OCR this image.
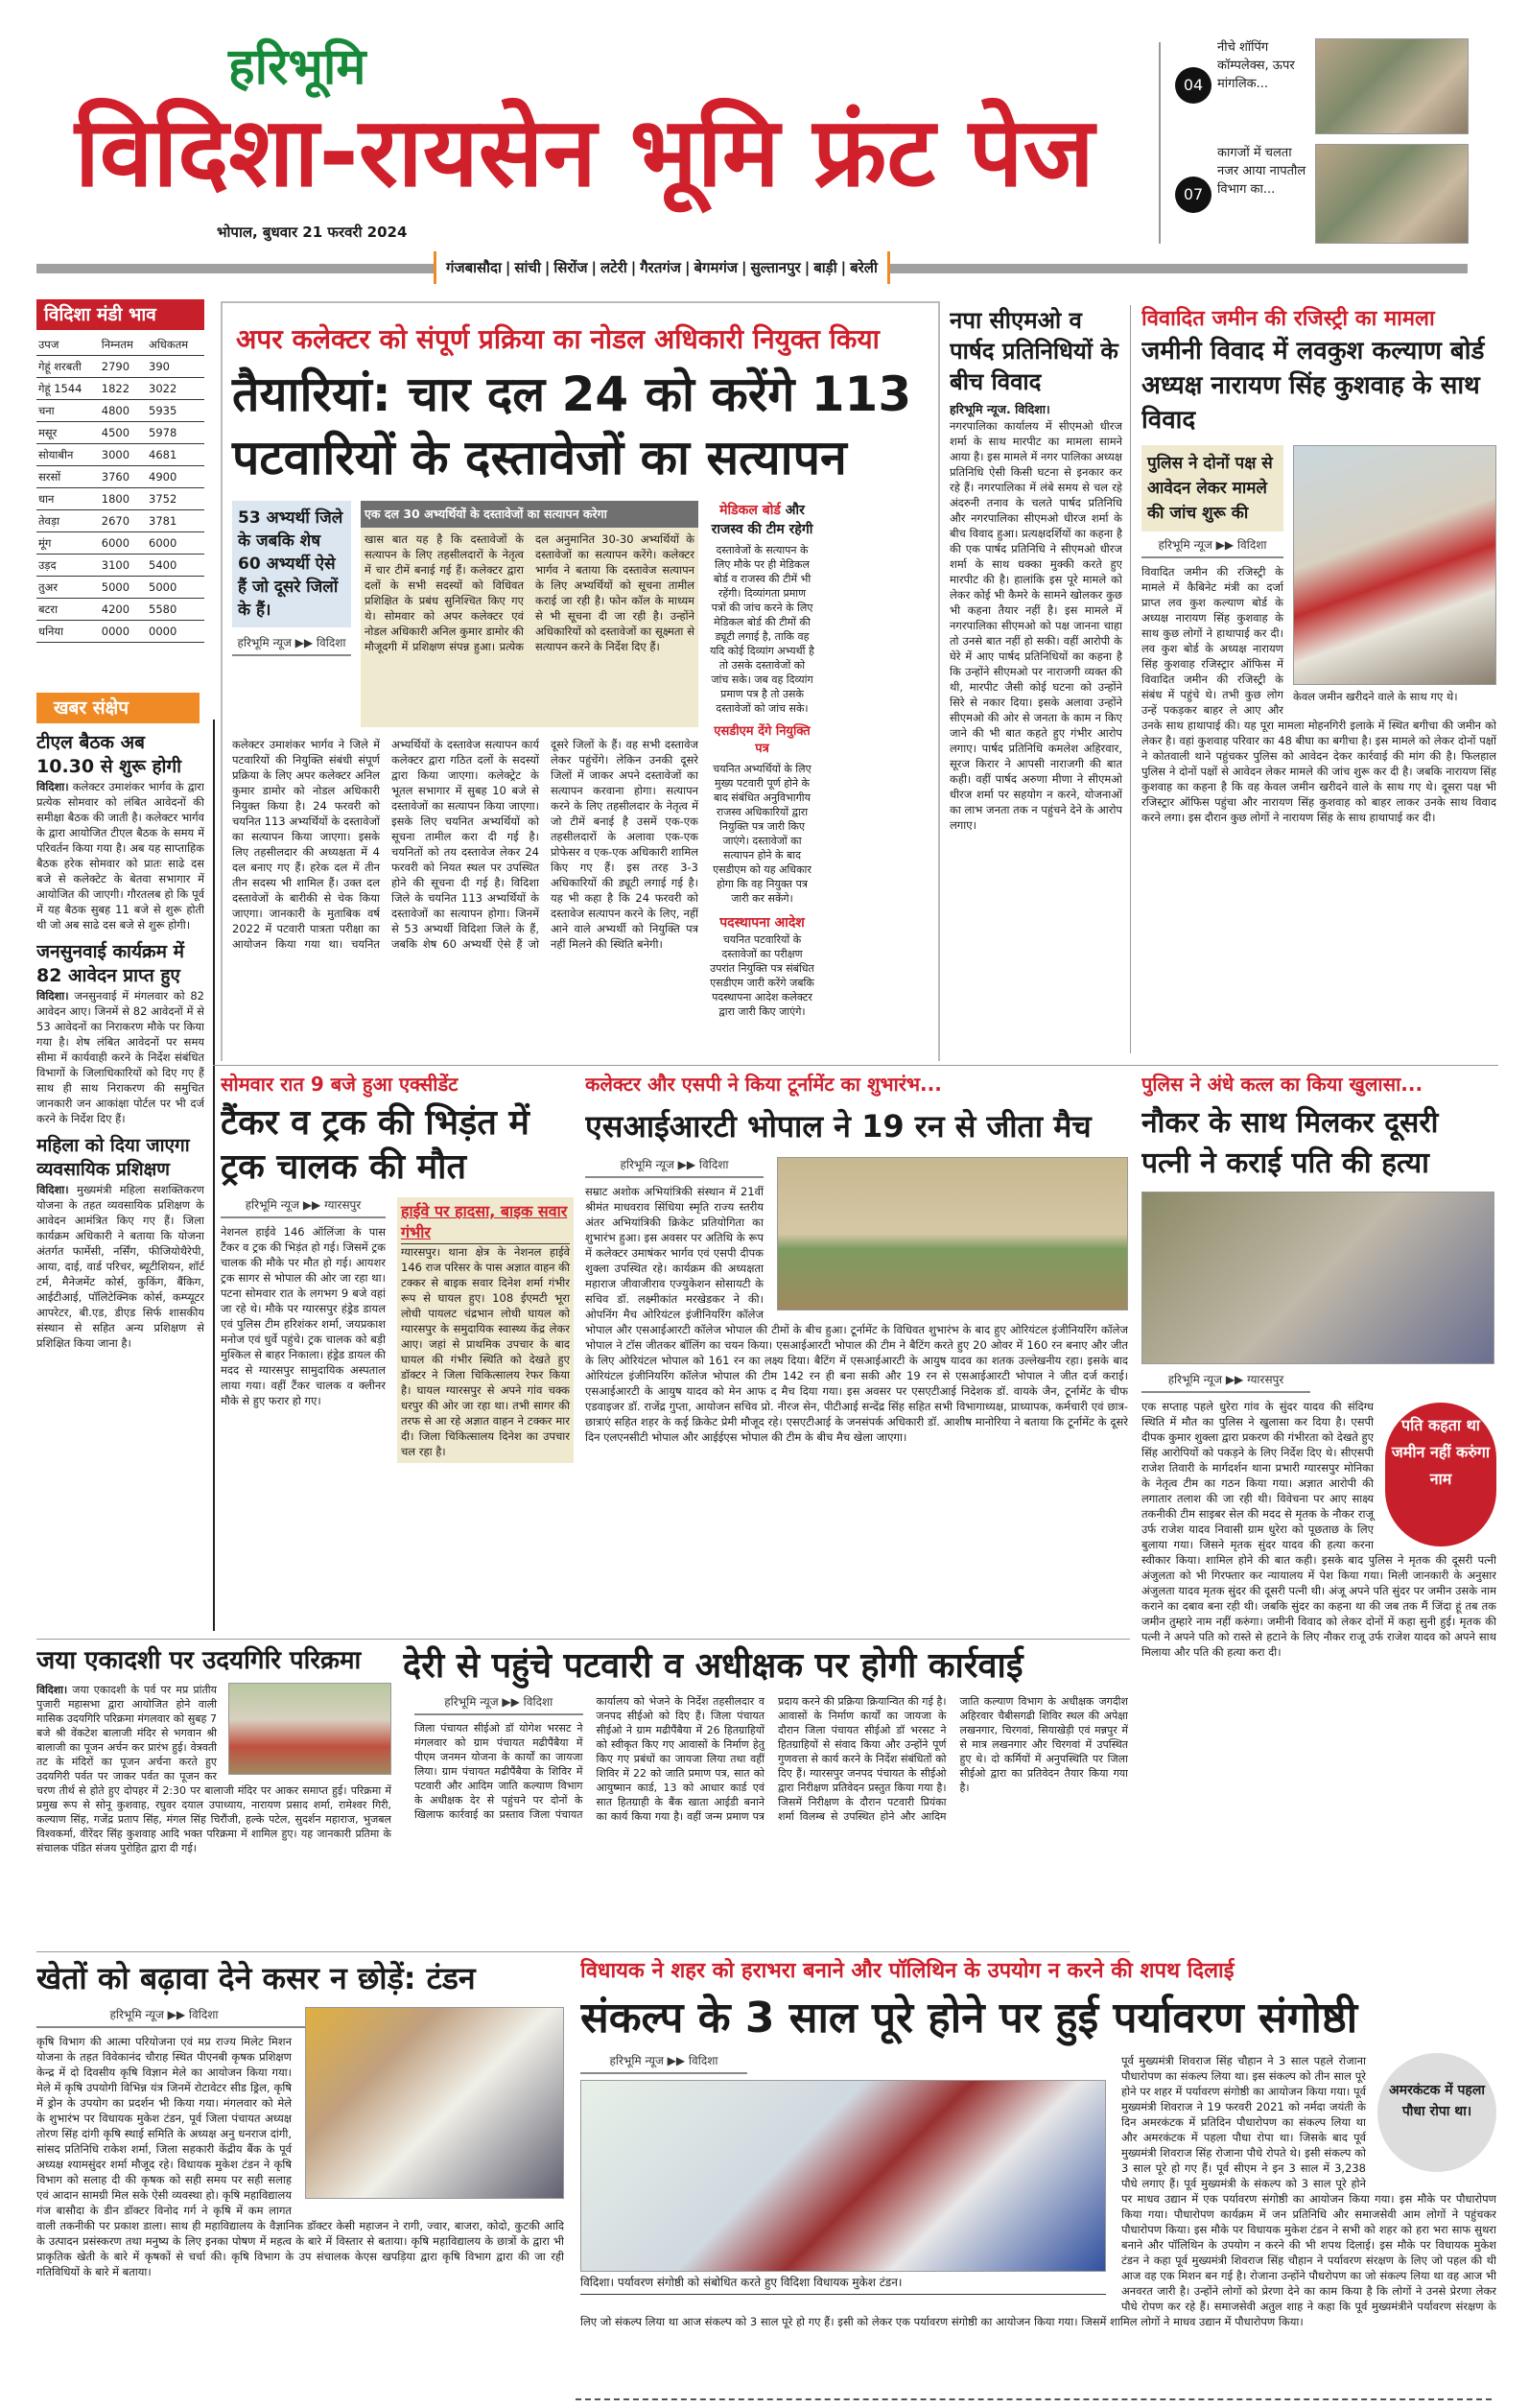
हरिभूमि
विदिशा-रायसेन भूमि फ्रंट पेज
भोपाल, बुधवार 21 फरवरी 2024
04
नीचे शॉपिंग कॉम्पलेक्स, ऊपर मांगलिक...
07
कागजों में चलता नजर आया नापतौल विभाग का...
गंजबासौदा | सांची | सिरोंज | लटेरी | गैरतगंज | बेगमगंज | सुल्तानपुर | बाड़ी | बरेली
विदिशा मंडी भाव
उपज	निम्नतम	अधिकतम
गेहूं शरबती	2790	390
गेहूं 1544	1822	3022
चना	4800	5935
मसूर	4500	5978
सोयाबीन	3000	4681
सरसों	3760	4900
धान	1800	3752
तेवड़ा	2670	3781
मूंग	6000	6000
उड़द	3100	5400
तुअर	5000	5000
बटरा	4200	5580
धनिया	0000	0000
खबर संक्षेप
टीएल बैठक अब 10.30 से शुरू होगी
विदिशा। कलेक्टर उमाशंकर भार्गव के द्वारा प्रत्येक सोमवार को लंबित आवेदनों की समीक्षा बैठक की जाती है। कलेक्टर भार्गव के द्वारा आयोजित टीएल बैठक के समय में परिवर्तन किया गया है। अब यह साप्ताहिक बैठक हरेक सोमवार को प्रातः साढे दस बजे से कलेक्टेट के बेतवा सभागार में आयोजित की जाएगी। गौरतलब हो कि पूर्व में यह बैठक सुबह 11 बजे से शुरू होती थी जो अब साढे दस बजे से शुरू होगी।
जनसुनवाई कार्यक्रम में 82 आवेदन प्राप्त हुए
विदिशा। जनसुनवाई में मंगलवार को 82 आवेदन आए। जिनमें से 82 आवेदनों में से 53 आवेदनों का निराकरण मौके पर किया गया है। शेष लंबित आवेदनों पर समय सीमा में कार्यवाही करने के निर्देश संबंधित विभागों के जिलाधिकारियों को दिए गए हैं साथ ही साथ निराकरण की समुचित जानकारी जन आकांक्षा पोर्टल पर भी दर्ज करने के निर्देश दिए हैं।
महिला को दिया जाएगा व्यवसायिक प्रशिक्षण
विदिशा। मुख्यमंत्री महिला सशक्तिकरण योजना के तहत व्यवसायिक प्रशिक्षण के आवेदन आमंत्रित किए गए हैं। जिला कार्यक्रम अधिकारी ने बताया कि योजना अंतर्गत फार्मेसी, नर्सिंग, फीजियोथैरेपी, आया, दाई, वार्ड परिचर, ब्यूटीशियन, शॉर्ट टर्म, मैनेजमेंट कोर्स, कुकिंग, बैंकिग, आईटीआई, पॉलिटेक्निक कोर्स, कम्प्यूटर आपरेटर, बी.एड, डीएड सिर्फ शासकीय संस्थान से सहित अन्य प्रशिक्षण से प्रशिक्षित किया जाना है।
अपर कलेक्टर को संपूर्ण प्रक्रिया का नोडल अधिकारी नियुक्त किया
तैयारियां: चार दल 24 को करेंगे 113
पटवारियों के दस्तावेजों का सत्यापन
53 अभ्यर्थी जिले के जबकि शेष 60 अभ्यर्थी ऐसे हैं जो दूसरे जिलों के हैं।
हरिभूमि न्यूज ▶▶ विदिशा
एक दल 30 अभ्यर्थियों के दस्तावेजों का सत्यापन करेगा
खास बात यह है कि दस्तावेजों के सत्यापन के लिए तहसीलदारों के नेतृत्व में चार टीमें बनाई गई हैं। कलेक्टर द्वारा दलों के सभी सदस्यों को विधिवत प्रशिक्षित के प्रबंध सुनिश्चित किए गए थे। सोमवार को अपर कलेक्टर एवं नोडल अधिकारी अनिल कुमार डामोर की मौजूदगी में प्रशिक्षण संपन्न हुआ। प्रत्येक दल अनुमानित 30-30 अभ्यर्थियों के दस्तावेजों का सत्यापन करेंगे। कलेक्टर भार्गव ने बताया कि दस्तावेज सत्यापन के लिए अभ्यर्थियों को सूचना तामील कराई जा रही है। फोन कॉल के माध्यम से भी सूचना दी जा रही है। उन्होंने अधिकारियों को दस्तावेजों का सूक्ष्मता से सत्यापन करने के निर्देश दिए हैं।
मेडिकल बोर्ड और राजस्व की टीम रहेगी
दस्तावेजों के सत्यापन के लिए मौके पर ही मेडिकल बोर्ड व राजस्व की टीमें भी रहेंगी। दिव्यांगता प्रमाण पत्रों की जांच करने के लिए मेडिकल बोर्ड की टीमों की ड्यूटी लगाई है, ताकि वह यदि कोई दिव्यांग अभ्यर्थी है तो उसके दस्तावेजों को जांच सके। जब वह दिव्यांग प्रमाण पत्र है तो उसके दस्तावेजों को जांच सके।
एसडीएम देंगे नियुक्ति पत्र
चयनित अभ्यर्थियों के लिए मुख्य पटवारी पूर्ण होने के बाद संबंधित अनुविभागीय राजस्व अधिकारियों द्वारा नियुक्ति पत्र जारी किए जाएंगे। दस्तावेजों का सत्यापन होने के बाद एसडीएम को यह अधिकार होगा कि वह नियुक्त पत्र जारी कर सकेंगे।
पदस्थापना आदेश
चयनित पटवारियों के दस्तावेजों का परीक्षण उपरांत नियुक्ति पत्र संबंधित एसडीएम जारी करेंगे जबकि पदस्थापना आदेश कलेक्टर द्वारा जारी किए जाएंगे।
कलेक्टर उमाशंकर भार्गव ने जिले में पटवारियों की नियुक्ति संबंधी संपूर्ण प्रक्रिया के लिए अपर कलेक्टर अनिल कुमार डामोर को नोडल अधिकारी नियुक्त किया है। 24 फरवरी को चयनित 113 अभ्यर्थियों के दस्तावेजों का सत्यापन किया जाएगा। इसके लिए तहसीलदार की अध्यक्षता में 4 दल बनाए गए हैं। हरेक दल में तीन तीन सदस्य भी शामिल हैं। उक्त दल दस्तावेजों के बारीकी से चेक किया जाएगा। जानकारी के मुताबिक वर्ष 2022 में पटवारी पात्रता परीक्षा का आयोजन किया गया था। चयनित अभ्यर्थियों के दस्तावेज सत्यापन कार्य कलेक्टर द्वारा गठित दलों के सदस्यों द्वारा किया जाएगा। कलेक्ट्रेट के भूतल सभागार में सुबह 10 बजे से दस्तावेजों का सत्यापन किया जाएगा। इसके लिए चयनित अभ्यर्थियों को सूचना तामील करा दी गई है। चयनितों को तय दस्तावेज लेकर 24 फरवरी को नियत स्थल पर उपस्थित होने की सूचना दी गई है। विदिशा जिले के चयनित 113 अभ्यर्थियों के दस्तावेजों का सत्यापन होगा। जिनमें से 53 अभ्यर्थी विदिशा जिले के हैं, जबकि शेष 60 अभ्यर्थी ऐसे हैं जो दूसरे जिलों के हैं। वह सभी दस्तावेज लेकर पहुंचेंगे। लेकिन उनकी दूसरे जिलों में जाकर अपने दस्तावेजों का सत्यापन करवाना होगा। सत्यापन करने के लिए तहसीलदार के नेतृत्व में जो टीमें बनाई है उसमें एक-एक तहसीलदारों के अलावा एक-एक प्रोफेसर व एक-एक अधिकारी शामिल किए गए हैं। इस तरह 3-3 अधिकारियों की ड्यूटी लगाई गई है। यह भी कहा है कि 24 फरवरी को दस्तावेज सत्यापन करने के लिए, नहीं आने वाले अभ्यर्थी को नियुक्ति पत्र नहीं मिलने की स्थिति बनेगी।
नपा सीएमओ व पार्षद प्रतिनिधियों के बीच विवाद
हरिभूमि न्यूज. विदिशा।
नगरपालिका कार्यालय में सीएमओ धीरज शर्मा के साथ मारपीट का मामला सामने आया है। इस मामले में नगर पालिका अध्यक्ष प्रतिनिधि ऐसी किसी घटना से इनकार कर रहे हैं। नगरपालिका में लंबे समय से चल रहे अंदरुनी तनाव के चलते पार्षद प्रतिनिधि और नगरपालिका सीएमओ धीरज शर्मा के बीच विवाद हुआ। प्रत्यक्षदर्शियों का कहना है की एक पार्षद प्रतिनिधि ने सीएमओ धीरज शर्मा के साथ धक्का मुक्की करते हुए मारपीट की है। हालांकि इस पूरे मामले को लेकर कोई भी कैमरे के सामने खोलकर कुछ भी कहना तैयार नहीं है। इस मामले में नगरपालिका सीएमओ को पक्ष जानना चाहा तो उनसे बात नहीं हो सकी। वहीं आरोपी के घेरे में आए पार्षद प्रतिनिधियों का कहना है कि उन्होंने सीएमओ पर नाराजगी व्यक्त की थी, मारपीट जैसी कोई घटना को उन्होंने सिरे से नकार दिया। इसके अलावा उन्होंने सीएमओ की ओर से जनता के काम न किए जाने की भी बात कहते हुए गंभीर आरोप लगाए। पार्षद प्रतिनिधि कमलेश अहिरवार, सूरज किरार ने आपसी नाराजगी की बात कही। वहीं पार्षद अरुणा मीणा ने सीएमओ धीरज शर्मा पर सहयोग न करने, योजनाओं का लाभ जनता तक न पहुंचने देने के आरोप लगाए।
विवादित जमीन की रजिस्ट्री का मामला
जमीनी विवाद में लवकुश कल्याण बोर्ड अध्यक्ष नारायण सिंह कुशवाह के साथ विवाद
केवल जमीन खरीदने वाले के साथ गए थे।
पुलिस ने दोनों पक्ष से आवेदन लेकर मामले की जांच शुरू की
हरिभूमि न्यूज ▶▶ विदिशा
विवादित जमीन की रजिस्ट्री के मामले में कैबिनेट मंत्री का दर्जा प्राप्त लव कुश कल्याण बोर्ड के अध्यक्ष नारायण सिंह कुशवाह के साथ कुछ लोगों ने हाथापाई कर दी। लव कुश बोर्ड के अध्यक्ष नारायण सिंह कुशवाह रजिस्ट्रार ऑफिस में विवादित जमीन की रजिस्ट्री के संबंध में पहुंचे थे। तभी कुछ लोग उन्हें पकड़कर बाहर ले आए और उनके साथ हाथापाई की। यह पूरा मामला मोहनगिरी इलाके में स्थित बगीचा की जमीन को लेकर है। वहां कुशवाह परिवार का 48 बीघा का बगीचा है। इस मामले को लेकर दोनों पक्षों ने कोतवाली थाने पहुंचकर पुलिस को आवेदन देकर कार्रवाई की मांग की है। फिलहाल पुलिस ने दोनों पक्षों से आवेदन लेकर मामले की जांच शुरू कर दी है। जबकि नारायण सिंह कुशवाह का कहना है कि वह केवल जमीन खरीदने वाले के साथ गए थे। दूसरा पक्ष भी रजिस्ट्रार ऑफिस पहुंचा और नारायण सिंह कुशवाह को बाहर लाकर उनके साथ विवाद करने लगा। इस दौरान कुछ लोगों ने नारायण सिंह के साथ हाथापाई कर दी।
सोमवार रात 9 बजे हुआ एक्सीडेंट
टैंकर व ट्रक की भिड़ंत में ट्रक चालक की मौत
हरिभूमि न्यूज ▶▶ ग्यारसपुर
नेशनल हाईवे 146 ऑलिंजा के पास टैंकर व ट्रक की भिड़ंत हो गई। जिसमें ट्रक चालक की मौके पर मौत हो गई। आयशर ट्रक सागर से भोपाल की ओर जा रहा था। पटना सोमवार रात के लगभग 9 बजे वहां जा रहे थे। मौके पर ग्यारसपुर हंड्रेड डायल एवं पुलिस टीम हरिशंकर शर्मा, जयप्रकाश मनोज एवं धुर्वे पहुंचे। ट्रक चालक को बड़ी मुश्किल से बाहर निकाला। हंड्रेड डायल की मदद से ग्यारसपुर सामुदायिक अस्पताल लाया गया। वहीं टैंकर चालक व क्लीनर मौके से हुए फरार हो गए।
हाईवे पर हादसा, बाइक सवार गंभीर
ग्यारसपुर। थाना क्षेत्र के नेशनल हाईवे 146 राज परिसर के पास अज्ञात वाहन की टक्कर से बाइक सवार दिनेश शर्मा गंभीर रूप से घायल हुए। 108 ईएमटी भूरा लोधी पायलट चंद्रभान लोधी घायल को ग्यारसपुर के समुदायिक स्वास्थ्य केंद्र लेकर आए। जहां से प्राथमिक उपचार के बाद घायल की गंभीर स्थिति को देखते हुए डॉक्टर ने जिला चिकित्सालय रेफर किया है। घायल ग्यारसपुर से अपने गांव चक्क धरपुर की ओर जा रहा था। तभी सागर की तरफ से आ रहे अज्ञात वाहन ने टक्कर मार दी। जिला चिकित्सालय दिनेश का उपचार चल रहा है।
कलेक्टर और एसपी ने किया टूर्नामेंट का शुभारंभ...
एसआईआरटी भोपाल ने 19 रन से जीता मैच
हरिभूमि न्यूज ▶▶ विदिशा
सम्राट अशोक अभियांत्रिकी संस्थान में 21वीं श्रीमंत माधवराव सिंधिया स्मृति राज्य स्तरीय अंतर अभियांत्रिकी क्रिकेट प्रतियोगिता का शुभारंभ हुआ। इस अवसर पर अतिथि के रूप में कलेक्टर उमाषंकर भार्गव एवं एसपी दीपक शुक्ला उपस्थित रहे। कार्यक्रम की अध्यक्षता महाराज जीवाजीराव एज्युकेशन सोसायटी के सचिव डॉ. लक्ष्मीकांत मरखेडकर ने की। ओपनिंग मैच ओरियंटल इंजीनियरिंग कॉलेज भोपाल और एसआईआरटी कॉलेज भोपाल की टीमों के बीच हुआ। टूर्नामेंट के विधिवत शुभारंभ के बाद हुए ओरियंटल इंजीनियरिंग कॉलेज भोपाल ने टॉस जीतकर बॉलिंग का चयन किया। एसआईआरटी भोपाल की टीम ने बैटिंग करते हुए 20 ओवर में 160 रन बनाए और जीत के लिए ओरियंटल भोपाल को 161 रन का लक्ष्य दिया। बैटिंग में एसआईआरटी के आयुष यादव का शतक उल्लेखनीय रहा। इसके बाद ओरियंटल इंजीनियरिंग कॉलेज भोपाल की टीम 142 रन ही बना सकी और 19 रन से एसआईआरटी भोपाल ने जीत दर्ज कराई। एसआईआरटी के आयुष यादव को मेन आफ द मैच दिया गया। इस अवसर पर एसएटीआई निदेशक डॉ. वायके जैन, टूर्नामेंट के चीफ एडवाइजर डॉ. राजेंद्र गुप्ता, आयोजन सचिव प्रो. नीरज सेन, पीटीआई सन्देंद्र सिंह सहित सभी विभागाध्यक्ष, प्राध्यापक, कर्मचारी एवं छात्र-छात्राएं सहित शहर के कई क्रिकेट प्रेमी मौजूद रहे। एसएटीआई के जनसंपर्क अधिकारी डॉ. आशीष मानोरिया ने बताया कि टूर्नामेंट के दूसरे दिन एलएनसीटी भोपाल और आईईएस भोपाल की टीम के बीच मैच खेला जाएगा।
पुलिस ने अंधे कत्ल का किया खुलासा...
नौकर के साथ मिलकर दूसरी पत्नी ने कराई पति की हत्या
हरिभूमि न्यूज ▶▶ ग्यारसपुर
पति कहता था जमीन नहीं करुंगा नाम
एक सप्ताह पहले धुरेरा गांव के सुंदर यादव की संदिग्ध स्थिति में मौत का पुलिस ने खुलासा कर दिया है। एसपी दीपक कुमार शुक्ला द्वारा प्रकरण की गंभीरता को देखते हुए सिंह आरोपियों को पकड़ने के लिए निर्देश दिए थे। सीएसपी राजेश तिवारी के मार्गदर्शन थाना प्रभारी ग्यारसपुर मोनिका के नेतृत्व टीम का गठन किया गया। अज्ञात आरोपी की लगातार तलाश की जा रही थी। विवेचना पर आए साक्ष्य तकनीकी टीम साइबर सेल की मदद से मृतक के नौकर राजू उर्फ राजेश यादव निवासी ग्राम धुरेरा को पूछताछ के लिए बुलाया गया। जिसने मृतक सुंदर यादव की हत्या करना स्वीकार किया। शामिल होने की बात कही। इसके बाद पुलिस ने मृतक की दूसरी पत्नी अंजुलता को भी गिरफ्तार कर न्यायालय में पेश किया गया। मिली जानकारी के अनुसार अंजुलता यादव मृतक सुंदर की दूसरी पत्नी थी। अंजू अपने पति सुंदर पर जमीन उसके नाम कराने का दबाव बना रही थी। जबकि सुंदर का कहना था की जब तक मैं जिंदा हूं तब तक जमीन तुम्हारे नाम नहीं करुंगा। जमीनी विवाद को लेकर दोनों में कहा सुनी हुई। मृतक की पत्नी ने अपने पति को रास्ते से हटाने के लिए नौकर राजू उर्फ राजेश यादव को अपने साथ मिलाया और पति की हत्या करा दी।
जया एकादशी पर उदयगिरि परिक्रमा
विदिशा। जया एकादशी के पर्व पर मप्र प्रांतीय पुजारी महासभा द्वारा आयोजित होने वाली मासिक उदयगिरि परिक्रमा मंगलवार को सुबह 7 बजे श्री वेंकटेश बालाजी मंदिर से भगवान श्री बालाजी का पूजन अर्चन कर प्रारंभ हुई। वेत्रवती तट के मंदिरों का पूजन अर्चना करते हुए उदयगिरी पर्वत पर जाकर पर्वत का पूजन कर चरण तीर्थ से होते हुए दोपहर में 2:30 पर बालाजी मंदिर पर आकर समाप्त हुई। परिक्रमा में प्रमुख रूप से सोनू कुशवाह, रघुवर दयाल उपाध्याय, नारायण प्रसाद शर्मा, रामेश्वर गिरी, कल्याण सिंह, गजेंद्र प्रताप सिंह, मंगल सिंह चिरौंजी, हल्के पटेल, सुदर्शन महाराज, भुजबल विश्वकर्मा, वीरेंदर सिंह कुशवाह आदि भक्त परिक्रमा में शामिल हुए। यह जानकारी प्रतिमा के संचालक पंडित संजय पुरोहित द्वारा दी गई।
देरी से पहुंचे पटवारी व अधीक्षक पर होगी कार्रवाई
हरिभूमि न्यूज ▶▶ विदिशा
जिला पंचायत सीईओ डॉ योगेश भरसट ने मंगलवार को ग्राम पंचायत मढीपैंबैया में पीएम जनमन योजना के कार्यों का जायजा लिया। ग्राम पंचायत मढीपैंबैया के शिविर में पटवारी और आदिम जाति कल्याण विभाग के अधीक्षक देर से पहुंचने पर दोनों के खिलाफ कार्रवाई का प्रस्ताव जिला पंचायत कार्यालय को भेजने के निर्देश तहसीलदार व जनपद सीईओ को दिए हैं। जिला पंचायत सीईओ ने ग्राम मढीपैंबैया में 26 हितग्राहियों को स्वीकृत किए गए आवासों के निर्माण हेतु किए गए प्रबंधों का जायजा लिया तथा वहीं शिविर में 22 को जाति प्रमाण पत्र, सात को आयुष्मान कार्ड, 13 को आधार कार्ड एवं सात हितग्राही के बैंक खाता आईडी बनाने का कार्य किया गया है। वहीं जन्म प्रमाण पत्र प्रदाय करने की प्रक्रिया क्रियान्वित की गई है। आवासों के निर्माण कार्यों का जायजा के दौरान जिला पंचायत सीईओ डॉ भरसट ने हितग्राहियों से संवाद किया और उन्होंने पूर्ण गुणवत्ता से कार्य करने के निर्देश संबंधितों को दिए हैं। ग्यारसपुर जनपद पंचायत के सीईओ द्वारा निरीक्षण प्रतिवेदन प्रस्तुत किया गया है। जिसमें निरीक्षण के दौरान पटवारी प्रियंका शर्मा विलम्ब से उपस्थित होने और आदिम जाति कल्याण विभाग के अधीक्षक जगदीश अहिरवार चैबीसगढी शिविर स्थल की अपेक्षा लखनगार, चिरगवां, सियाखेड़ी एवं मन्नपुर में से मात्र लखनगार और चिरगवां में उपस्थित हुए थे। दो कर्मियों में अनुपस्थिति पर जिला सीईओ द्वारा का प्रतिवेदन तैयार किया गया है।
खेतों को बढ़ावा देने कसर न छोड़ें: टंडन
हरिभूमि न्यूज ▶▶ विदिशा
कृषि विभाग की आत्मा परियोजना एवं मप्र राज्य मिलेट मिशन योजना के तहत विवेकानंद चौराह स्थित पीएनबी कृषक प्रशिक्षण केन्द्र में दो दिवसीय कृषि विज्ञान मेले का आयोजन किया गया। मेले में कृषि उपयोगी विभिन्न यंत्र जिनमें रोटावेटर सीड ड्रिल, कृषि में ड्रोन के उपयोग का प्रदर्शन भी किया गया। मंगलवार को मेले के शुभारंभ पर विधायक मुकेश टंडन, पूर्व जिला पंचायत अध्यक्ष तोरण सिंह दांगी कृषि स्थाई समिति के अध्यक्ष अनु धनराज दांगी, सांसद प्रतिनिधि राकेश शर्मा, जिला सहकारी केंद्रीय बैंक के पूर्व अध्यक्ष श्यामसुंदर शर्मा मौजूद रहे। विधायक मुकेश टंडन ने कृषि विभाग को सलाह दी की कृषक को सही समय पर सही सलाह एवं आदान सामग्री मिल सके ऐसी व्यवस्था हो। कृषि महाविद्यालय गंज बासौदा के डीन डॉक्टर विनोद गर्ग ने कृषि में कम लागत वाली तकनीकी पर प्रकाश डाला। साथ ही महाविद्यालय के वैज्ञानिक डॉक्टर केसी महाजन ने रागी, ज्वार, बाजरा, कोदो, कुटकी आदि के उत्पादन प्रसंस्करण तथा मनुष्य के लिए इनका पोषण में महत्व के बारे में विस्तार से बताया। कृषि महाविद्यालय के छात्रों के द्वारा भी प्राकृतिक खेती के बारे में कृषकों से चर्चा की। कृषि विभाग के उप संचालक केएस खपड़िया द्वारा कृषि विभाग द्वारा की जा रही गतिविधियों के बारे में बताया।
विधायक ने शहर को हराभरा बनाने और पॉलिथिन के उपयोग न करने की शपथ दिलाई
संकल्प के 3 साल पूरे होने पर हुई पर्यावरण संगोष्ठी
हरिभूमि न्यूज ▶▶ विदिशा
विदिशा। पर्यावरण संगोष्ठी को संबोधित करते हुए विदिशा विधायक मुकेश टंडन।
अमरकंटक में पहला पौधा रोपा था।
पूर्व मुख्यमंत्री शिवराज सिंह चौहान ने 3 साल पहले रोजाना पौधारोपण का संकल्प लिया था। इस संकल्प को तीन साल पूरे होने पर शहर में पर्यावरण संगोष्ठी का आयोजन किया गया। पूर्व मुख्यमंत्री शिवराज ने 19 फरवरी 2021 को नर्मदा जयंती के दिन अमरकंटक में प्रतिदिन पौधारोपण का संकल्प लिया था और अमरकंटक में पहला पौधा रोपा था। जिसके बाद पूर्व मुख्यमंत्री शिवराज सिंह रोजाना पौधे रोपते थे। इसी संकल्प को 3 साल पूरे हो गए हैं। पूर्व सीएम ने इन 3 साल में 3,238 पौधे लगाए हैं। पूर्व मुख्यमंत्री के संकल्प को 3 साल पूरे होने पर माधव उद्यान में एक पर्यावरण संगोष्ठी का आयोजन किया गया। इस मौके पर पौधारोपण किया गया। पौधारोपण कार्यक्रम में जन प्रतिनिधि और समाजसेवी आम लोगों ने पहुंचकर पौधारोपण किया। इस मौके पर विधायक मुकेश टंडन ने सभी को शहर को हरा भरा साफ सुथरा बनाने और पॉलिथिन के उपयोग न करने की भी शपथ दिलाई। इस मौके पर विधायक मुकेश टंडन ने कहा पूर्व मुख्यमंत्री शिवराज सिंह चौहान ने पर्यावरण संरक्षण के लिए जो पहल की थी आज वह एक मिशन बन गई है। रोजाना उन्होंने पौधरोपण का जो संकल्प लिया था वह आज भी अनवरत जारी है। उन्होंने लोगों को प्रेरणा देने का काम किया है कि लोगों ने उनसे प्रेरणा लेकर पौधे रोपण कर रहे हैं। समाजसेवी अतुल शाह ने कहा कि पूर्व मुख्यमंत्रीने पर्यावरण संरक्षण के लिए जो संकल्प लिया था आज संकल्प को 3 साल पूरे हो गए हैं। इसी को लेकर एक पर्यावरण संगोष्ठी का आयोजन किया गया। जिसमें शामिल लोगों ने माधव उद्यान में पौधारोपण किया।
